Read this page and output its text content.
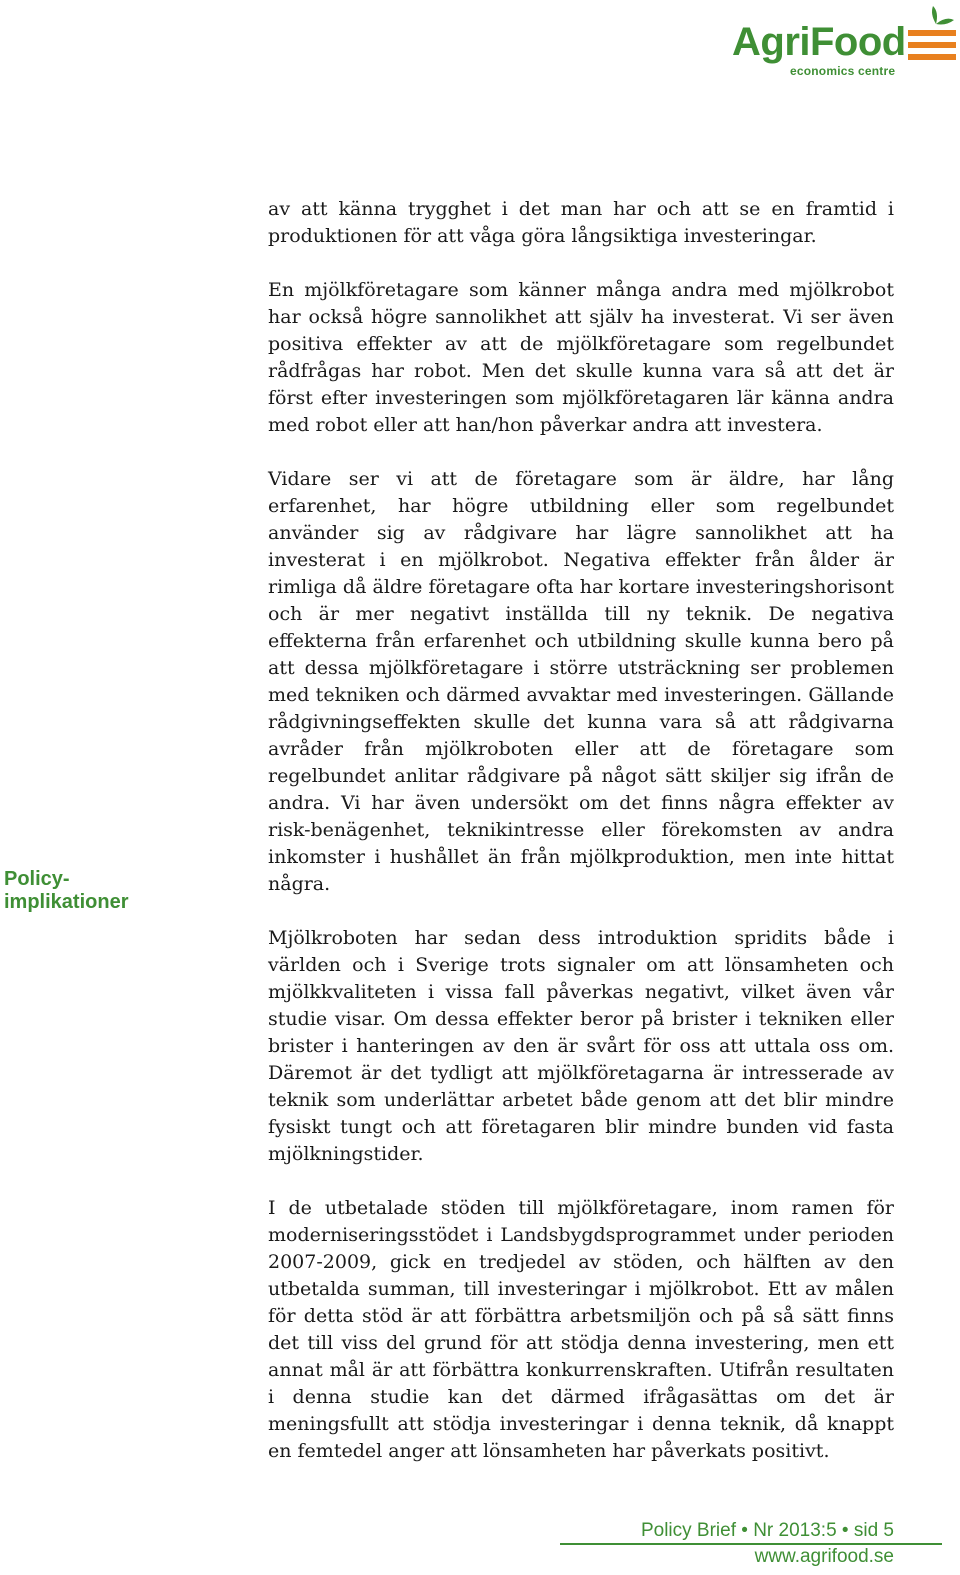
AgriFood
economics centre
Policy-
implikationer

av att känna trygghet i det man har och att se en framtid i produktionen för att våga göra långsiktiga investeringar.

En mjölkföretagare som känner många andra med mjölkrobot har också högre sannolikhet att själv ha investerat. Vi ser även positiva effekter av att de mjölkföretagare som regelbundet rådfrågas har robot. Men det skulle kunna vara så att det är först efter investeringen som mjölkföretagaren lär känna andra med robot eller att han/hon påverkar andra att investera.

Vidare ser vi att de företagare som är äldre, har lång erfarenhet, har högre utbildning eller som regelbundet använder sig av rådgivare har lägre sannolikhet att ha investerat i en mjölkrobot. Negativa effekter från ålder är rimliga då äldre företagare ofta har kortare investeringshorisont och är mer negativt inställda till ny teknik. De negativa effekterna från erfarenhet och utbildning skulle kunna bero på att dessa mjölkföretagare i större utsträckning ser problemen med tekniken och därmed avvaktar med investeringen. Gällande rådgivningseffekten skulle det kunna vara så att rådgivarna avråder från mjölkroboten eller att de företagare som regelbundet anlitar rådgivare på något sätt skiljer sig ifrån de andra. Vi har även undersökt om det finns några effekter av risk-benägenhet, teknikintresse eller förekomsten av andra inkomster i hushållet än från mjölkproduktion, men inte hittat några.

Mjölkroboten har sedan dess introduktion spridits både i världen och i Sverige trots signaler om att lönsamheten och mjölkkvaliteten i vissa fall påverkas negativt, vilket även vår studie visar. Om dessa effekter beror på brister i tekniken eller brister i hanteringen av den är svårt för oss att uttala oss om. Däremot är det tydligt att mjölkföretagarna är intresserade av teknik som underlättar arbetet både genom att det blir mindre fysiskt tungt och att företagaren blir mindre bunden vid fasta mjölkningstider.

I de utbetalade stöden till mjölkföretagare, inom ramen för moderniseringsstödet i Landsbygdsprogrammet under perioden 2007-2009, gick en tredjedel av stöden, och hälften av den utbetalda summan, till investeringar i mjölkrobot. Ett av målen för detta stöd är att förbättra arbetsmiljön och på så sätt finns det till viss del grund för att stödja denna investering, men ett annat mål är att förbättra konkurrenskraften. Utifrån resultaten i denna studie kan det därmed ifrågasättas om det är meningsfullt att stödja investeringar i denna teknik, då knappt en femtedel anger att lönsamheten har påverkats positivt.

Policy Brief • Nr 2013:5 • sid 5
www.agrifood.se
